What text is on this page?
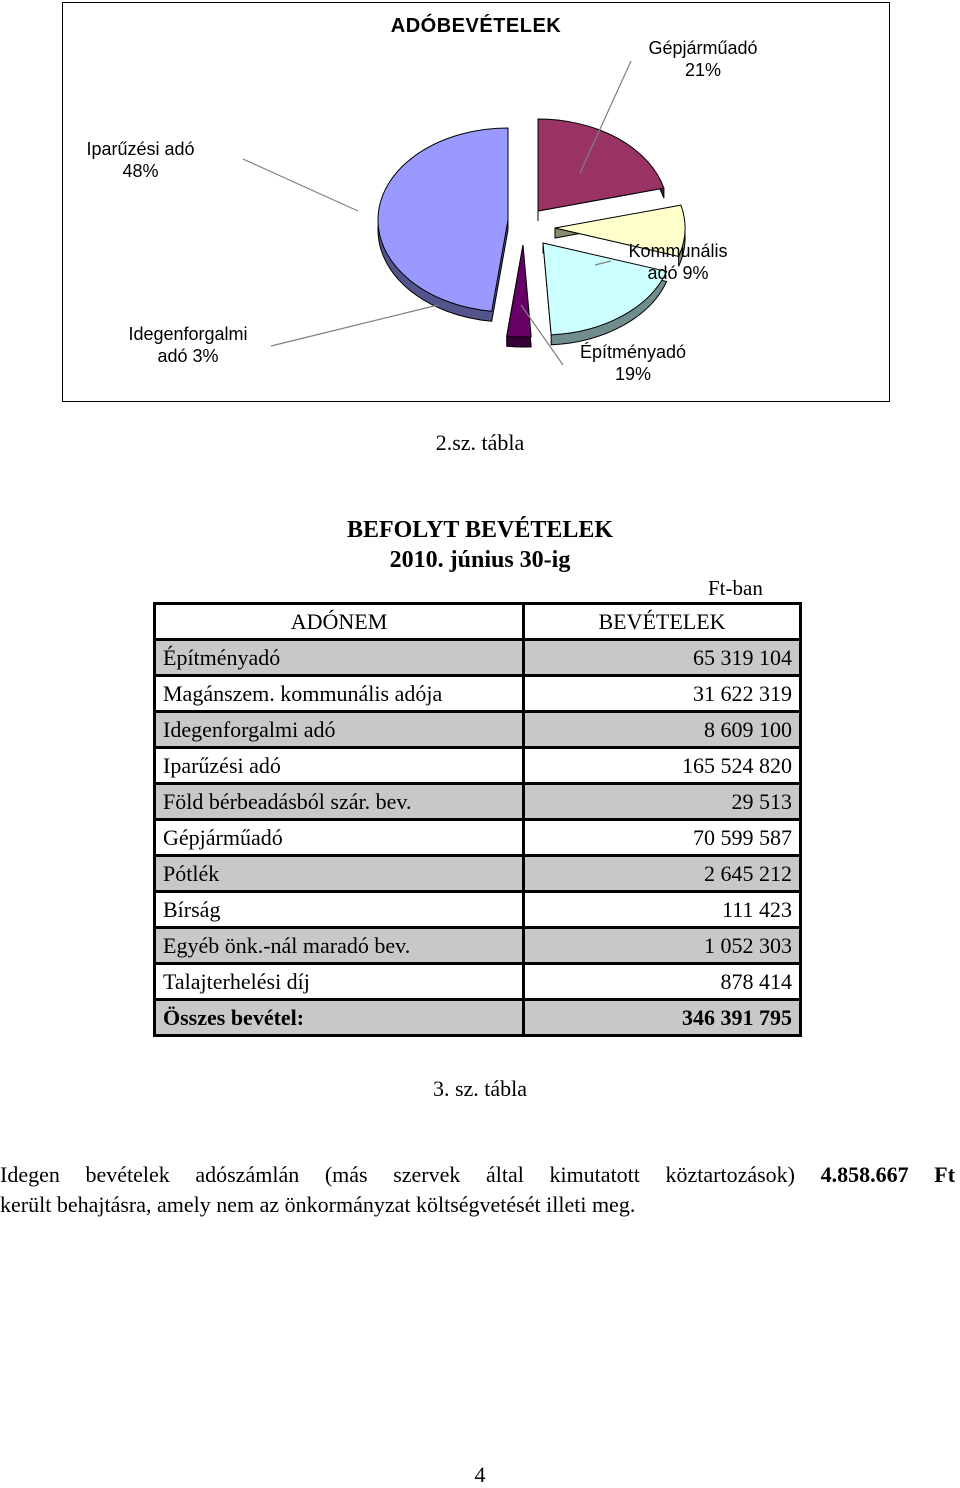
ADÓBEVÉTELEK
Gépjárműadó
21%
Kommunális
adó 9%
Építményadó
19%
Idegenforgalmi
adó 3%
Iparűzési adó
48%
2.sz. tábla
BEFOLYT BEVÉTELEK
2010. június 30-ig
Ft-ban
ADÓNEM	BEVÉTELEK
Építményadó	65 319 104
Magánszem. kommunális adója	31 622 319
Idegenforgalmi adó	8 609 100
Iparűzési adó	165 524 820
Föld bérbeadásból szár. bev.	29 513
Gépjárműadó	70 599 587
Pótlék	2 645 212
Bírság	111 423
Egyéb önk.-nál maradó bev.	1 052 303
Talajterhelési díj	878 414
Összes bevétel:	346 391 795
3. sz. tábla
Idegen bevételek adószámlán (más szervek által kimutatott köztartozások) 4.858.667 Ft
került behajtásra, amely nem az önkormányzat költségvetését illeti meg.
4
